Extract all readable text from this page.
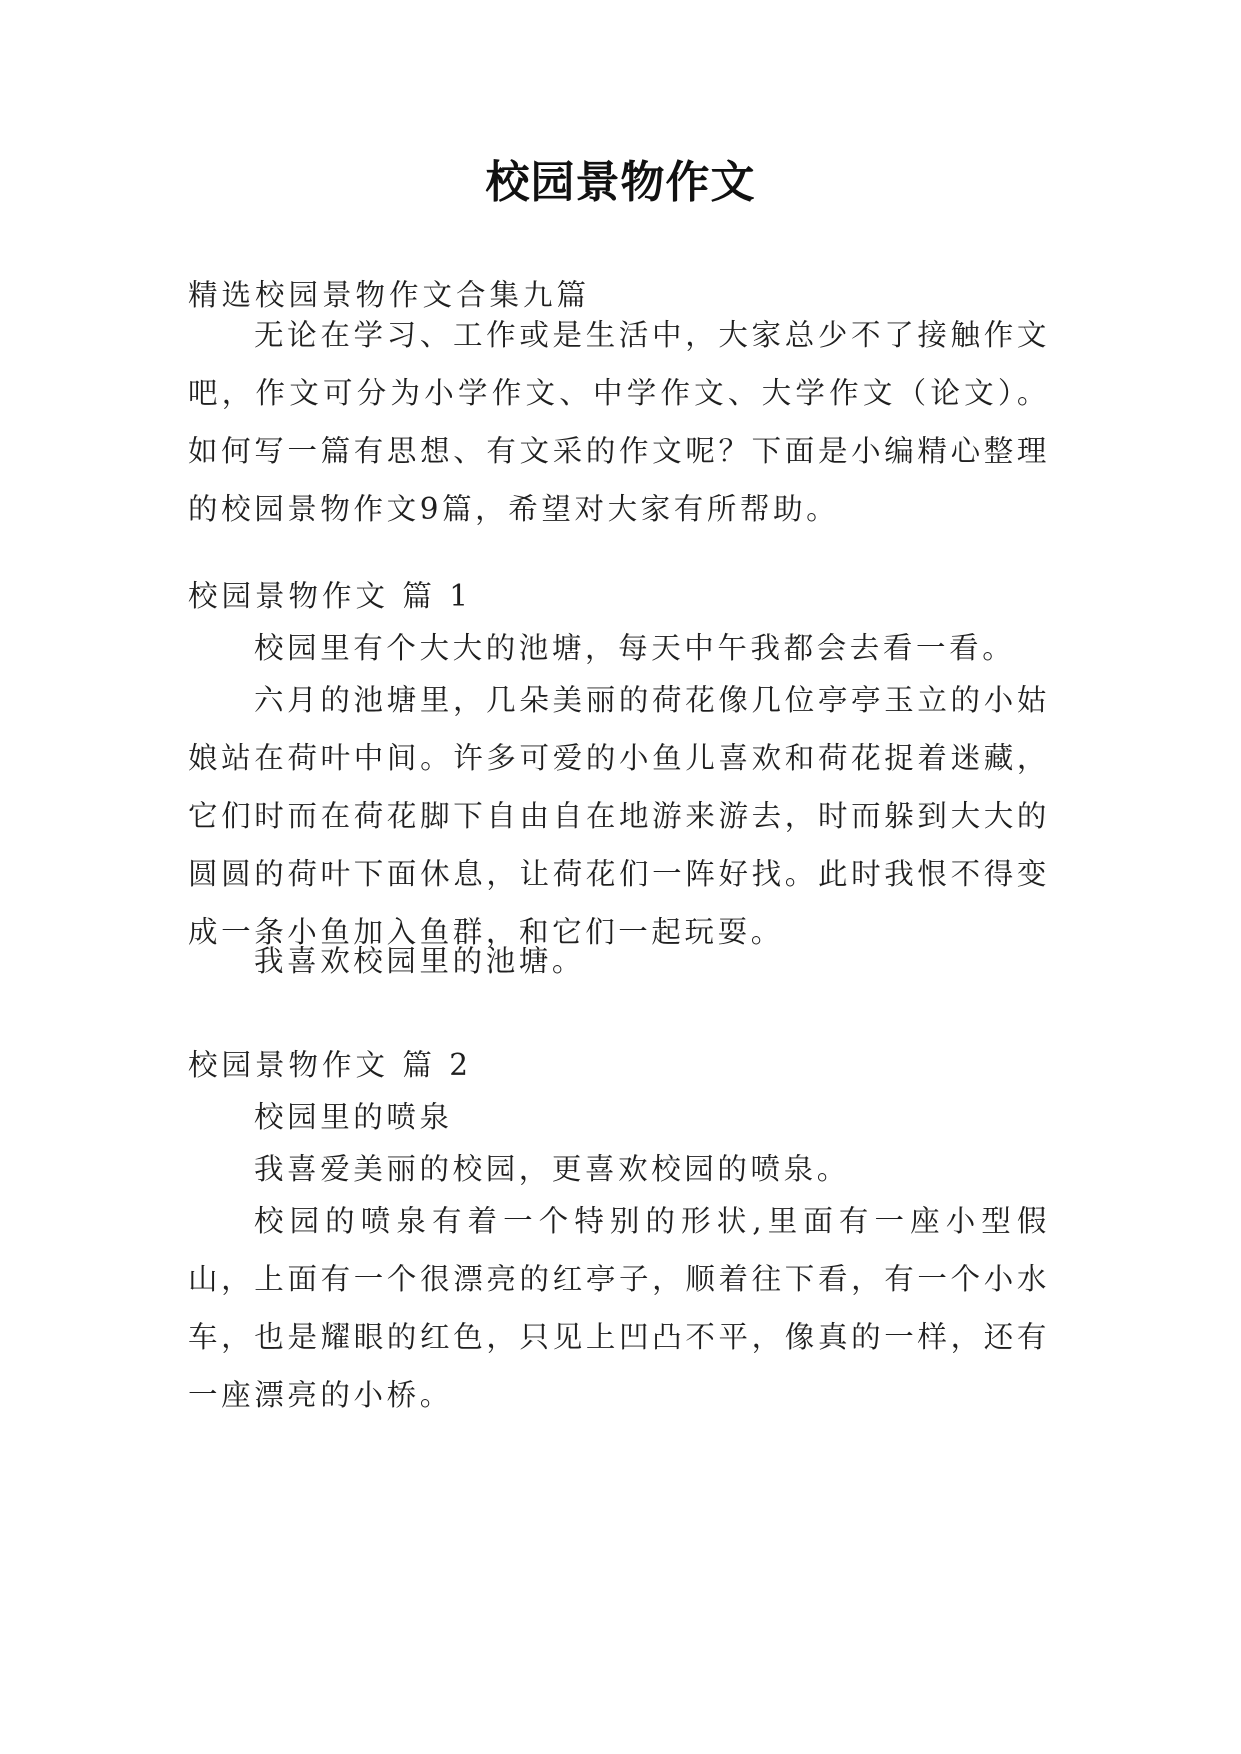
校园景物作文
精选校园景物作文合集九篇

无论在学习、工作或是生活中，大家总少不了接触作文吧，作文可分为小学作文、中学作文、大学作文（论文）。如何写一篇有思想、有文采的作文呢？下面是小编精心整理的校园景物作文9篇，希望对大家有所帮助。

校园景物作文 篇 1

校园里有个大大的池塘，每天中午我都会去看一看。

六月的池塘里，几朵美丽的荷花像几位亭亭玉立的小姑娘站在荷叶中间。许多可爱的小鱼儿喜欢和荷花捉着迷藏，它们时而在荷花脚下自由自在地游来游去，时而躲到大大的圆圆的荷叶下面休息，让荷花们一阵好找。此时我恨不得变成一条小鱼加入鱼群，和它们一起玩耍。

我喜欢校园里的池塘。

校园景物作文 篇 2

校园里的喷泉

我喜爱美丽的校园，更喜欢校园的喷泉。

校园的喷泉有着一个特别的形状,里面有一座小型假山，上面有一个很漂亮的红亭子，顺着往下看，有一个小水车，也是耀眼的红色，只见上凹凸不平，像真的一样，还有一座漂亮的小桥。
